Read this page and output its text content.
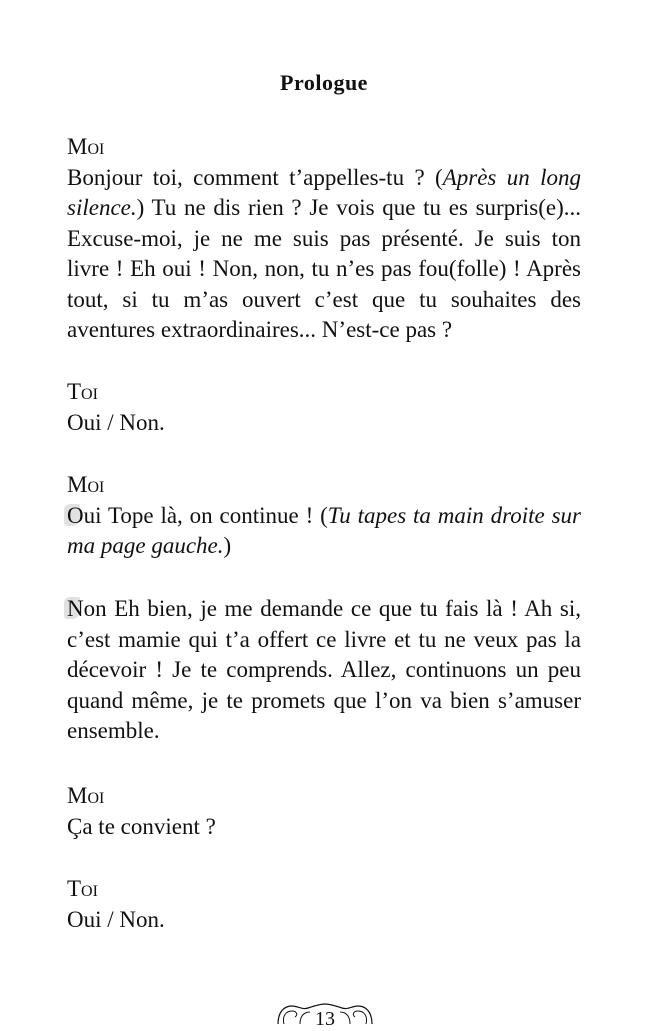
Prologue
Moi
Bonjour toi, comment t’appelles-tu ? (Après un long silence.) Tu ne dis rien ? Je vois que tu es surpris(e)... Excuse-moi, je ne me suis pas présenté. Je suis ton livre ! Eh oui ! Non, non, tu n’es pas fou(folle) ! Après tout, si tu m’as ouvert c’est que tu souhaites des aventures extraordinaires... N’est-ce pas ?
Toi
Oui / Non.
Moi
Oui Tope là, on continue ! (Tu tapes ta main droite sur ma page gauche.)
Non Eh bien, je me demande ce que tu fais là ! Ah si, c’est mamie qui t’a offert ce livre et tu ne veux pas la décevoir ! Je te comprends. Allez, continuons un peu quand même, je te promets que l’on va bien s’amuser ensemble.
Moi
Ça te convient ?
Toi
Oui / Non.
13
